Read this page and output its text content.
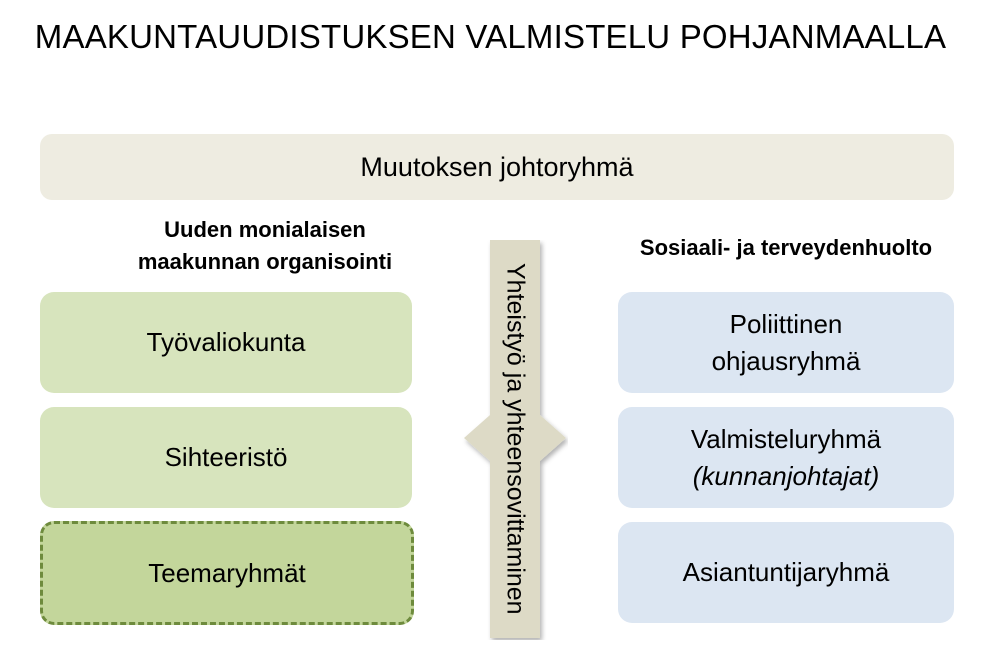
MAAKUNTAUUDISTUKSEN VALMISTELU POHJANMAALLA
Muutoksen johtoryhmä
Uuden monialaisen
maakunnan organisointi
Työvaliokunta
Sihteeristö
Teemaryhmät	Yhteistyö ja yhteensovittaminen
Sosiaali- ja terveydenhuolto
Poliittinen
ohjausryhmä
Valmisteluryhmä
(kunnanjohtajat)
Asiantuntijaryhmä
